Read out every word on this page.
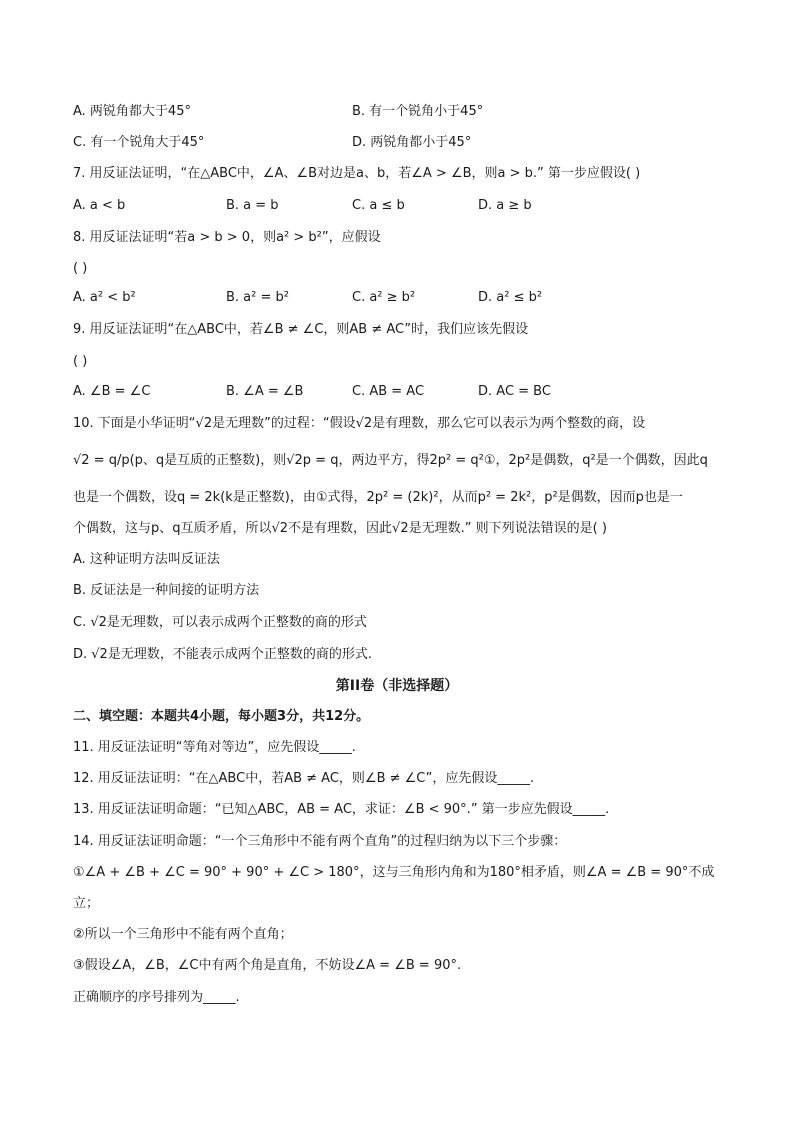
A. 两锐角都大于45°	B. 有一个锐角小于45°
C. 有一个锐角大于45°	D. 两锐角都小于45°
7. 用反证法证明，“在△ABC中，∠A、∠B对边是a、b，若∠A > ∠B，则a > b.” 第一步应假设( )
A. a < b	B. a = b	C. a ≤ b	D. a ≥ b
8. 用反证法证明“若a > b > 0，则a² > b²”，应假设
( )
A. a² < b²	B. a² = b²	C. a² ≥ b²	D. a² ≤ b²
9. 用反证法证明“在△ABC中，若∠B ≠ ∠C，则AB ≠ AC”时，我们应该先假设
( )
A. ∠B = ∠C	B. ∠A = ∠B	C. AB = AC	D. AC = BC
10. 下面是小华证明“√2是无理数”的过程：“假设√2是有理数，那么它可以表示为两个整数的商，设
√2 = q/p(p、q是互质的正整数)，则√2p = q，两边平方，得2p² = q²①，2p²是偶数，q²是一个偶数，因此q
也是一个偶数，设q = 2k(k是正整数)，由①式得，2p² = (2k)²，从而p² = 2k²，p²是偶数，因而p也是一
个偶数，这与p、q互质矛盾，所以√2不是有理数，因此√2是无理数.” 则下列说法错误的是( )
A. 这种证明方法叫反证法
B. 反证法是一种间接的证明方法
C. √2是无理数，可以表示成两个正整数的商的形式
D. √2是无理数，不能表示成两个正整数的商的形式.
第II卷（非选择题）
二、填空题：本题共4小题，每小题3分，共12分。
11. 用反证法证明“等角对等边”，应先假设_____.
12. 用反证法证明：“在△ABC中，若AB ≠ AC，则∠B ≠ ∠C”，应先假设_____.
13. 用反证法证明命题：“已知△ABC，AB = AC，求证：∠B < 90°.” 第一步应先假设_____.
14. 用反证法证明命题：“一个三角形中不能有两个直角”的过程归纳为以下三个步骤：
①∠A + ∠B + ∠C = 90° + 90° + ∠C > 180°，这与三角形内角和为180°相矛盾，则∠A = ∠B = 90°不成
立；
②所以一个三角形中不能有两个直角；
③假设∠A，∠B，∠C中有两个角是直角，不妨设∠A = ∠B = 90°.
正确顺序的序号排列为_____.
